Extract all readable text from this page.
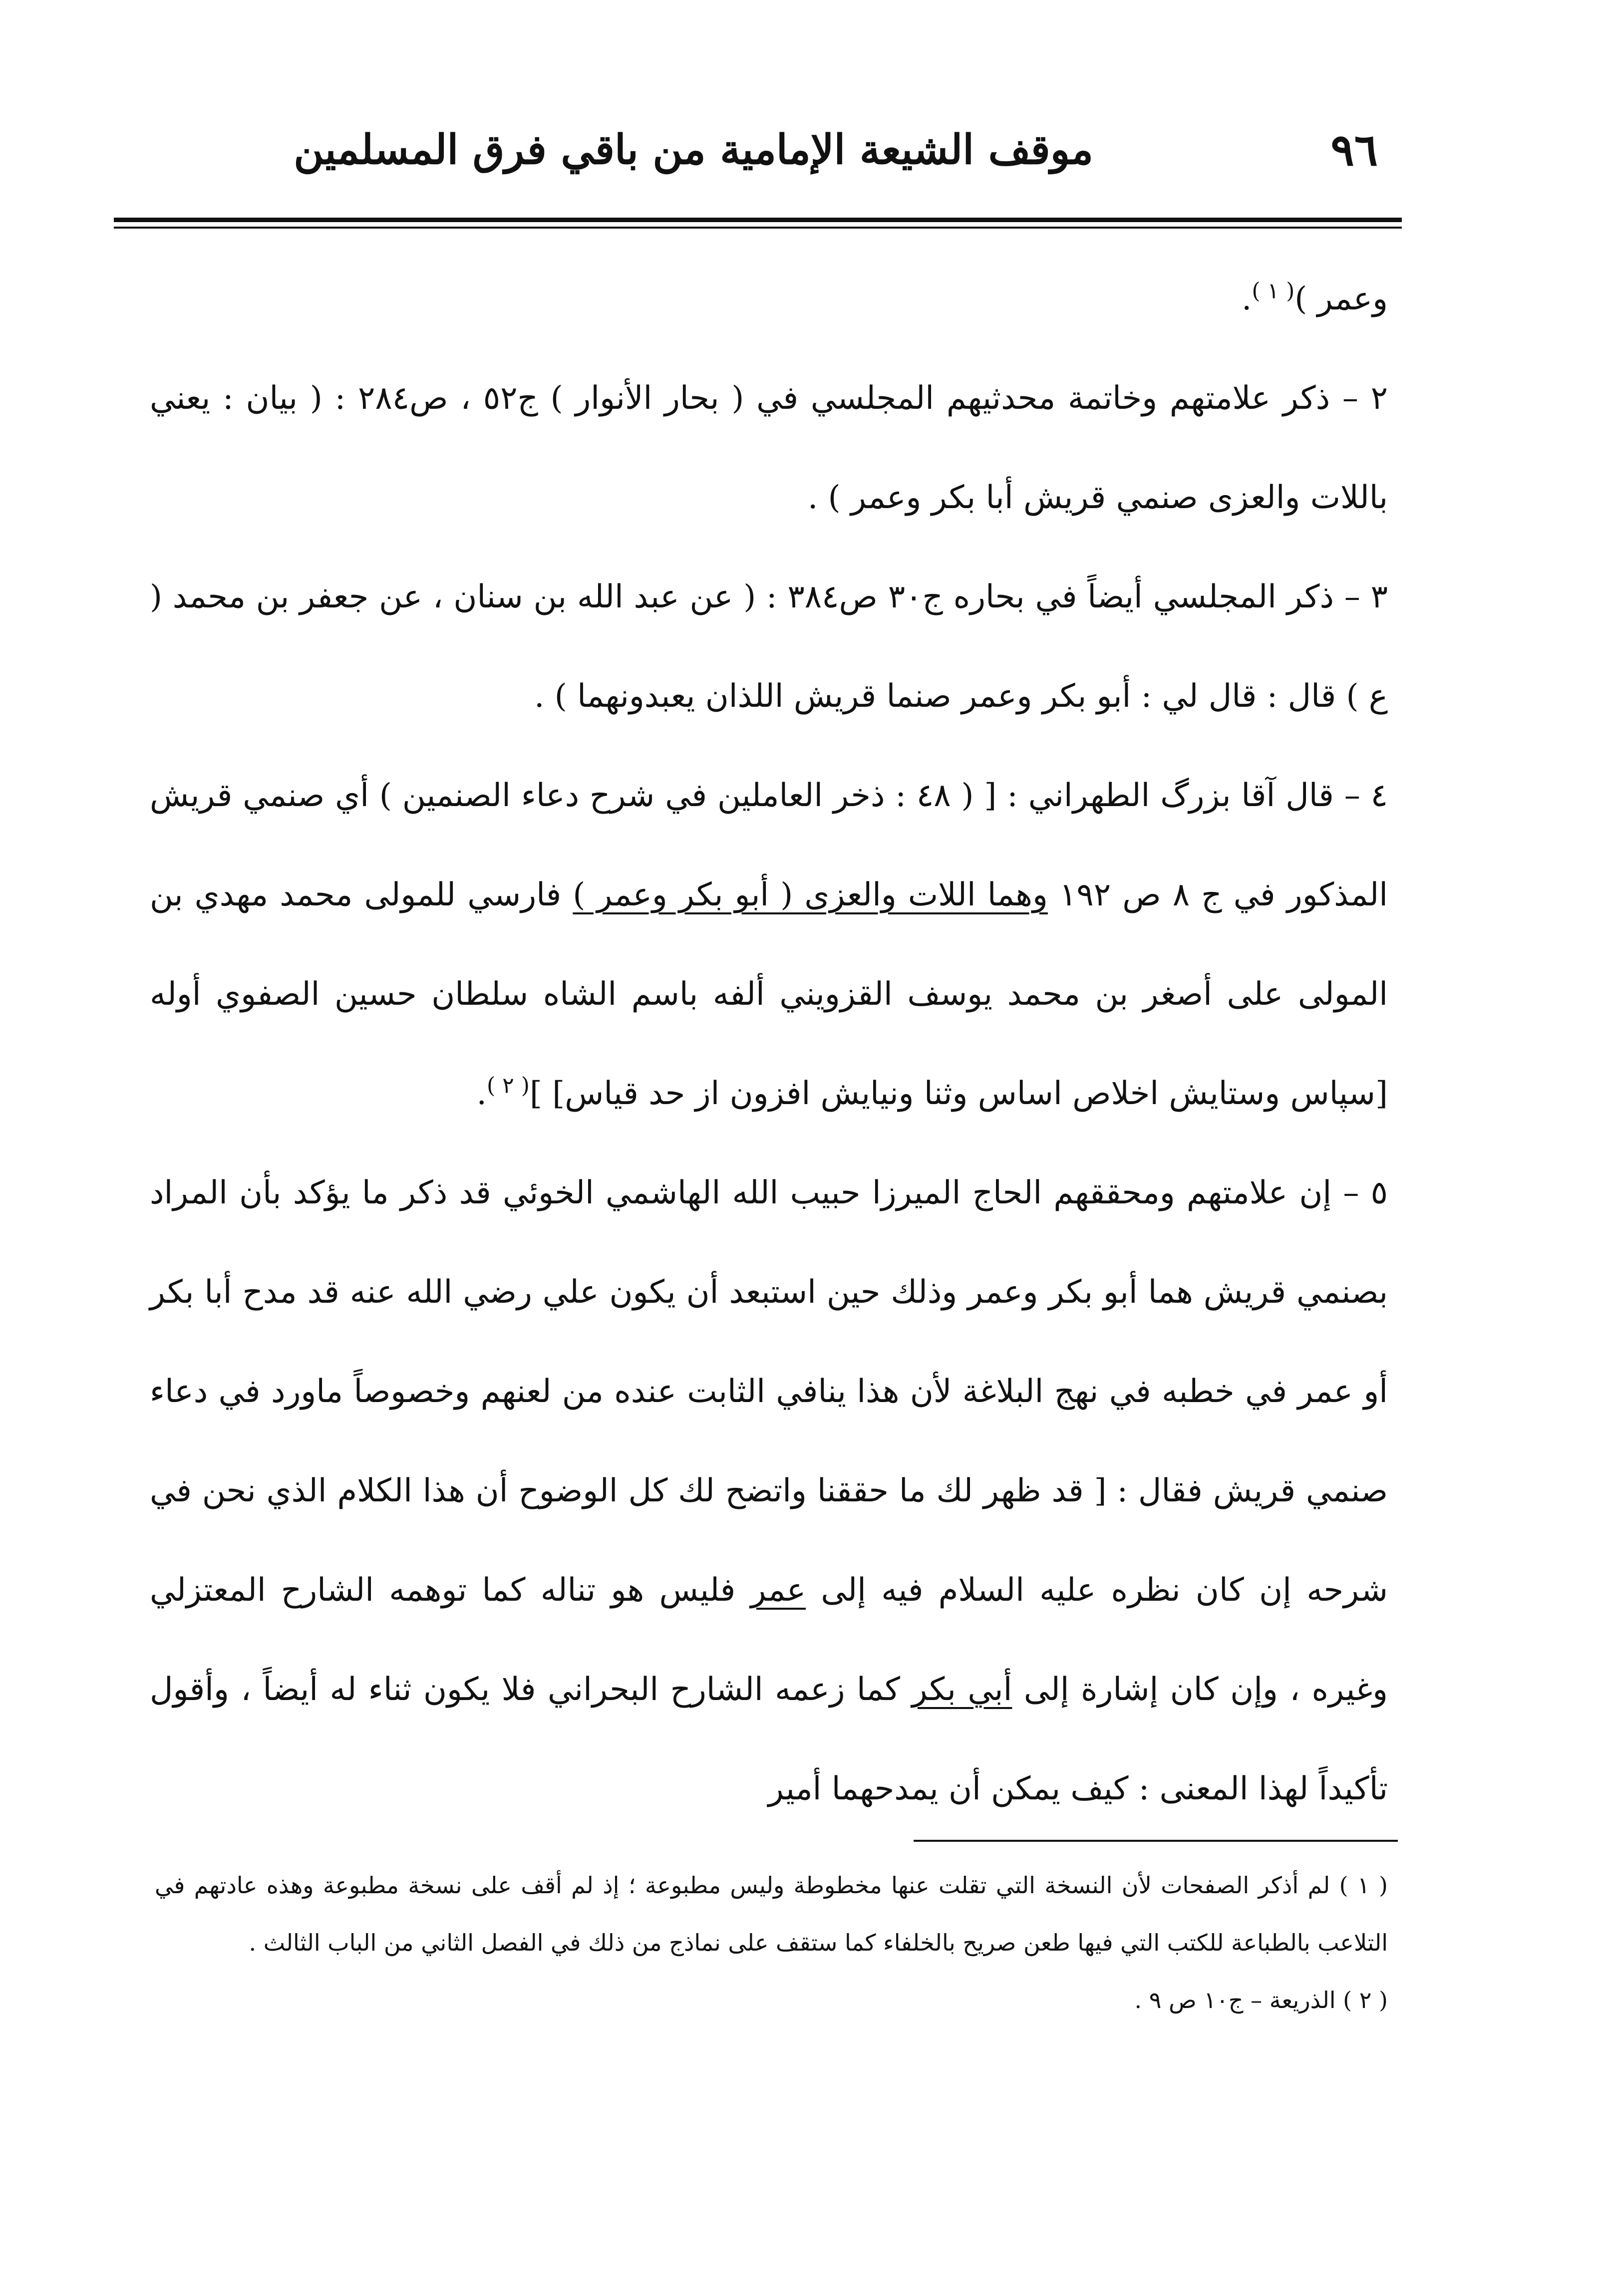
٩٦
موقف الشيعة الإمامية من باقي فرق المسلمين

وعمر )$^{( ١ )}$.

٢ – ذكر علامتهم وخاتمة محدثيهم المجلسي في ( بحار الأنوار ) ج٥٢ ، ص٢٨٤ : ( بيان : يعني باللات والعزى صنمي قريش أبا بكر وعمر ) .

٣ – ذكر المجلسي أيضاً في بحاره ج٣٠ ص٣٨٤ : ( عن عبد الله بن سنان ، عن جعفر بن محمد ( ع ) قال : قال لي : أبو بكر وعمر صنما قريش اللذان يعبدونهما ) .

٤ – قال آقا بزرگ الطهراني : [ ( ٤٨ : ذخر العاملين في شرح دعاء الصنمين ) أي صنمي قريش المذكور في ج ٨ ص ١٩٢ وهما اللات والعزى ( أبو بكر وعمر ) فارسي للمولى محمد مهدي بن المولى على أصغر بن محمد يوسف القزويني ألفه باسم الشاه سلطان حسين الصفوي أوله [سپاس وستايش اخلاص اساس وثنا ونيايش افزون از حد قياس] ]$^{( ٢ )}$.

٥ – إن علامتهم ومحققهم الحاج الميرزا حبيب الله الهاشمي الخوئي قد ذكر ما يؤكد بأن المراد بصنمي قريش هما أبو بكر وعمر وذلك حين استبعد أن يكون علي رضي الله عنه قد مدح أبا بكر أو عمر في خطبه في نهج البلاغة لأن هذا ينافي الثابت عنده من لعنهم وخصوصاً ماورد في دعاء صنمي قريش فقال : [ قد ظهر لك ما حققنا واتضح لك كل الوضوح أن هذا الكلام الذي نحن في شرحه إن كان نظره عليه السلام فيه إلى عمر فليس هو تناله كما توهمه الشارح المعتزلي وغيره ، وإن كان إشارة إلى أبي بكر كما زعمه الشارح البحراني فلا يكون ثناء له أيضاً ، وأقول تأكيداً لهذا المعنى : كيف يمكن أن يمدحهما أمير

( ١ ) لم أذكر الصفحات لأن النسخة التي تقلت عنها مخطوطة وليس مطبوعة ؛ إذ لم أقف على نسخة مطبوعة وهذه عادتهم في التلاعب بالطباعة للكتب التي فيها طعن صريح بالخلفاء كما ستقف على نماذج من ذلك في الفصل الثاني من الباب الثالث .

( ٢ ) الذريعة – ج١٠ ص ٩ .
